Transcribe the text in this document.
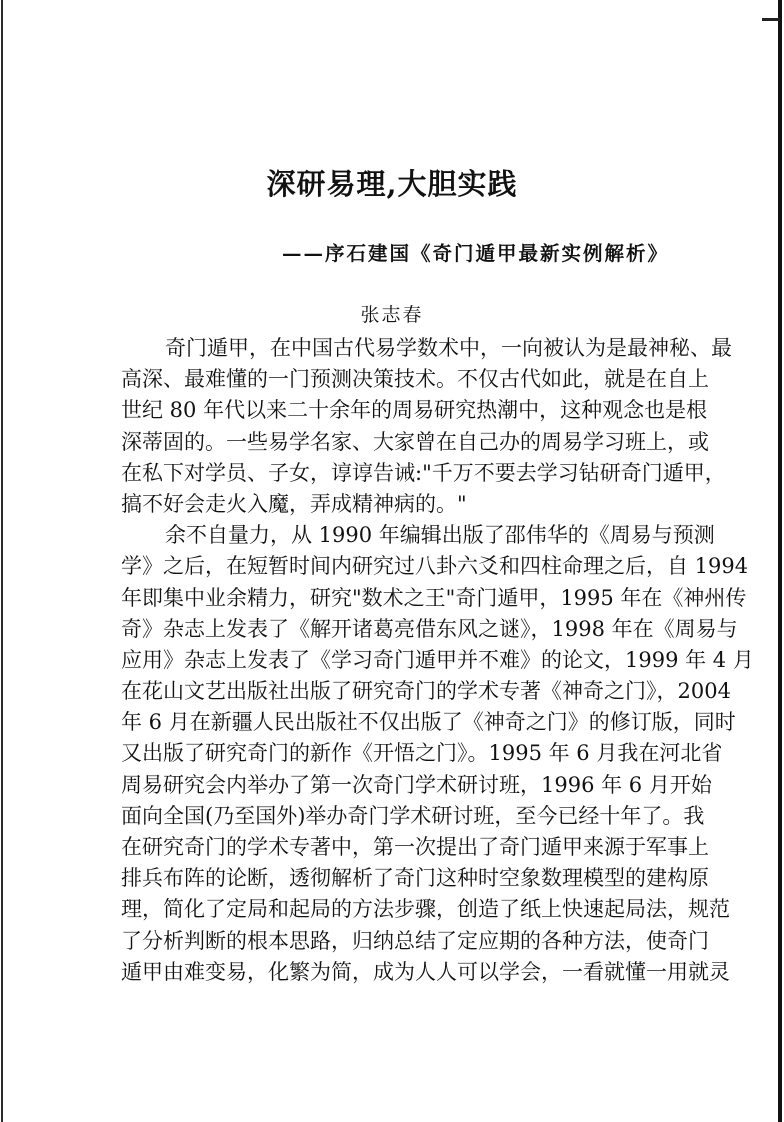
深研易理,大胆实践
——序石建国《奇门遁甲最新实例解析》
张志春
奇门遁甲，在中国古代易学数术中，一向被认为是最神秘、最
高深、最难懂的一门预测决策技术。不仅古代如此，就是在自上
世纪 80 年代以来二十余年的周易研究热潮中，这种观念也是根
深蒂固的。一些易学名家、大家曾在自己办的周易学习班上，或
在私下对学员、子女，谆谆告诫:"千万不要去学习钻研奇门遁甲，
搞不好会走火入魔，弄成精神病的。"
余不自量力，从 1990 年编辑出版了邵伟华的《周易与预测
学》之后，在短暂时间内研究过八卦六爻和四柱命理之后，自 1994
年即集中业余精力，研究"数术之王"奇门遁甲，1995 年在《神州传
奇》杂志上发表了《解开诸葛亮借东风之谜》，1998 年在《周易与
应用》杂志上发表了《学习奇门遁甲并不难》的论文，1999 年 4 月
在花山文艺出版社出版了研究奇门的学术专著《神奇之门》，2004
年 6 月在新疆人民出版社不仅出版了《神奇之门》的修订版，同时
又出版了研究奇门的新作《开悟之门》。1995 年 6 月我在河北省
周易研究会内举办了第一次奇门学术研讨班，1996 年 6 月开始
面向全国(乃至国外)举办奇门学术研讨班，至今已经十年了。我
在研究奇门的学术专著中，第一次提出了奇门遁甲来源于军事上
排兵布阵的论断，透彻解析了奇门这种时空象数理模型的建构原
理，简化了定局和起局的方法步骤，创造了纸上快速起局法，规范
了分析判断的根本思路，归纳总结了定应期的各种方法，使奇门
遁甲由难变易，化繁为简，成为人人可以学会，一看就懂一用就灵
